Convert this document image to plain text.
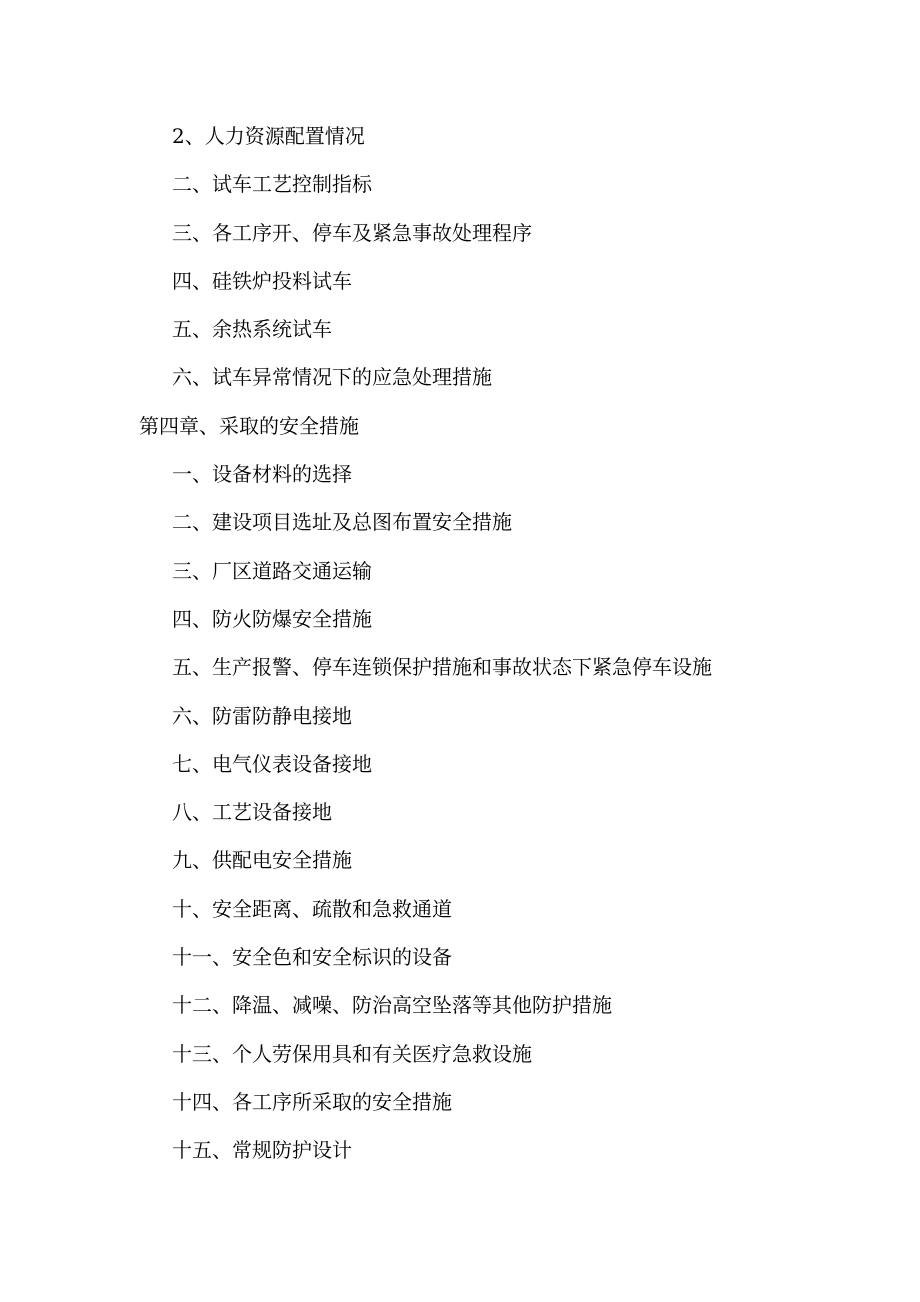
2、人力资源配置情况
二、试车工艺控制指标
三、各工序开、停车及紧急事故处理程序
四、硅铁炉投料试车
五、余热系统试车
六、试车异常情况下的应急处理措施
第四章、采取的安全措施
一、设备材料的选择
二、建设项目选址及总图布置安全措施
三、厂区道路交通运输
四、防火防爆安全措施
五、生产报警、停车连锁保护措施和事故状态下紧急停车设施
六、防雷防静电接地
七、电气仪表设备接地
八、工艺设备接地
九、供配电安全措施
十、安全距离、疏散和急救通道
十一、安全色和安全标识的设备
十二、降温、减噪、防治高空坠落等其他防护措施
十三、个人劳保用具和有关医疗急救设施
十四、各工序所采取的安全措施
十五、常规防护设计
